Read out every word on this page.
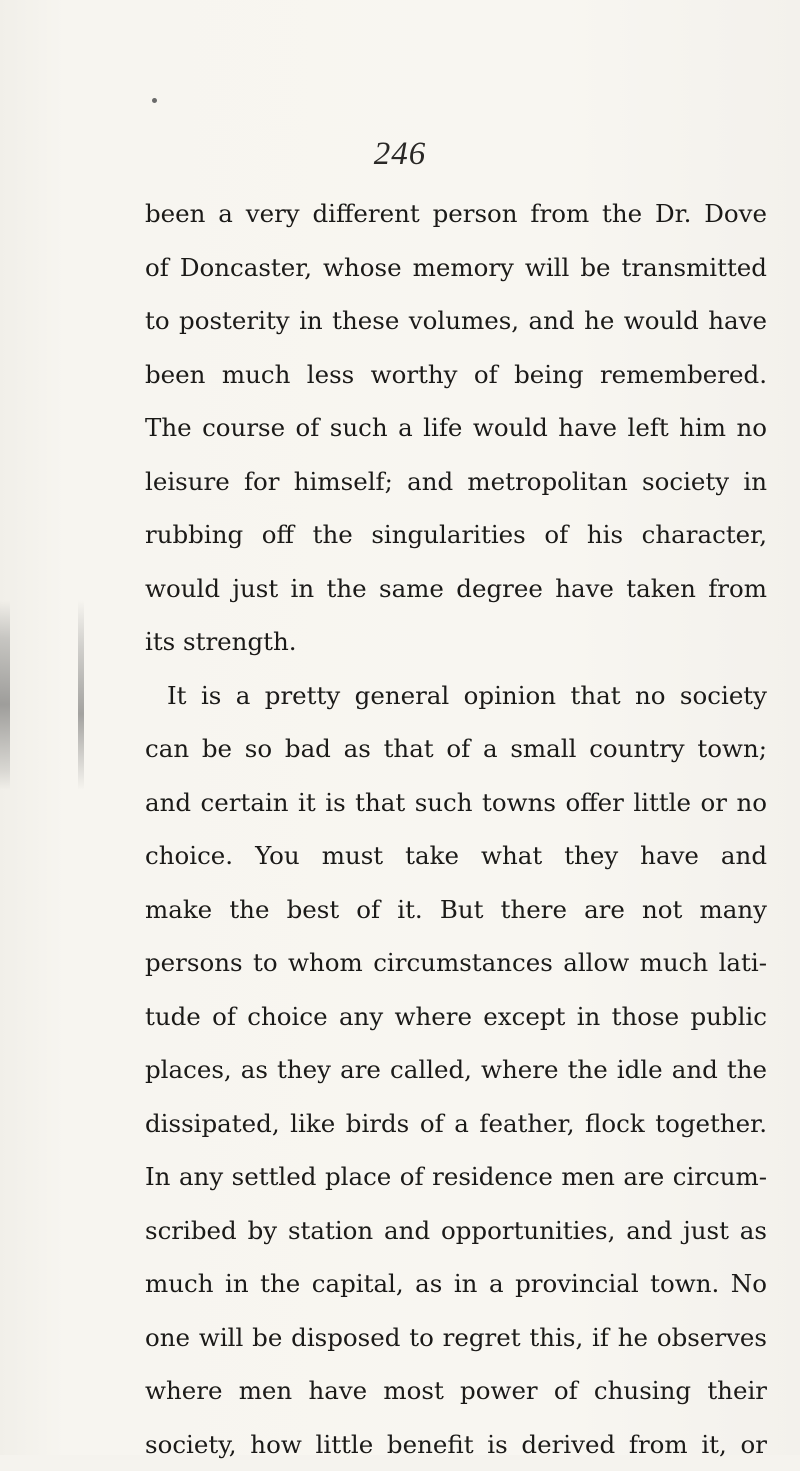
246
been a very different person from the Dr. Dove
of Doncaster, whose memory will be transmitted
to posterity in these volumes, and he would have
been much less worthy of being remembered.
The course of such a life would have left him no
leisure for himself; and metropolitan society in
rubbing off the singularities of his character,
would just in the same degree have taken from
its strength.
It is a pretty general opinion that no society
can be so bad as that of a small country town;
and certain it is that such towns offer little or no
choice. You must take what they have and
make the best of it. But there are not many
persons to whom circumstances allow much lati-
tude of choice any where except in those public
places, as they are called, where the idle and the
dissipated, like birds of a feather, flock together.
In any settled place of residence men are circum-
scribed by station and opportunities, and just as
much in the capital, as in a provincial town. No
one will be disposed to regret this, if he observes
where men have most power of chusing their
society, how little benefit is derived from it, or
